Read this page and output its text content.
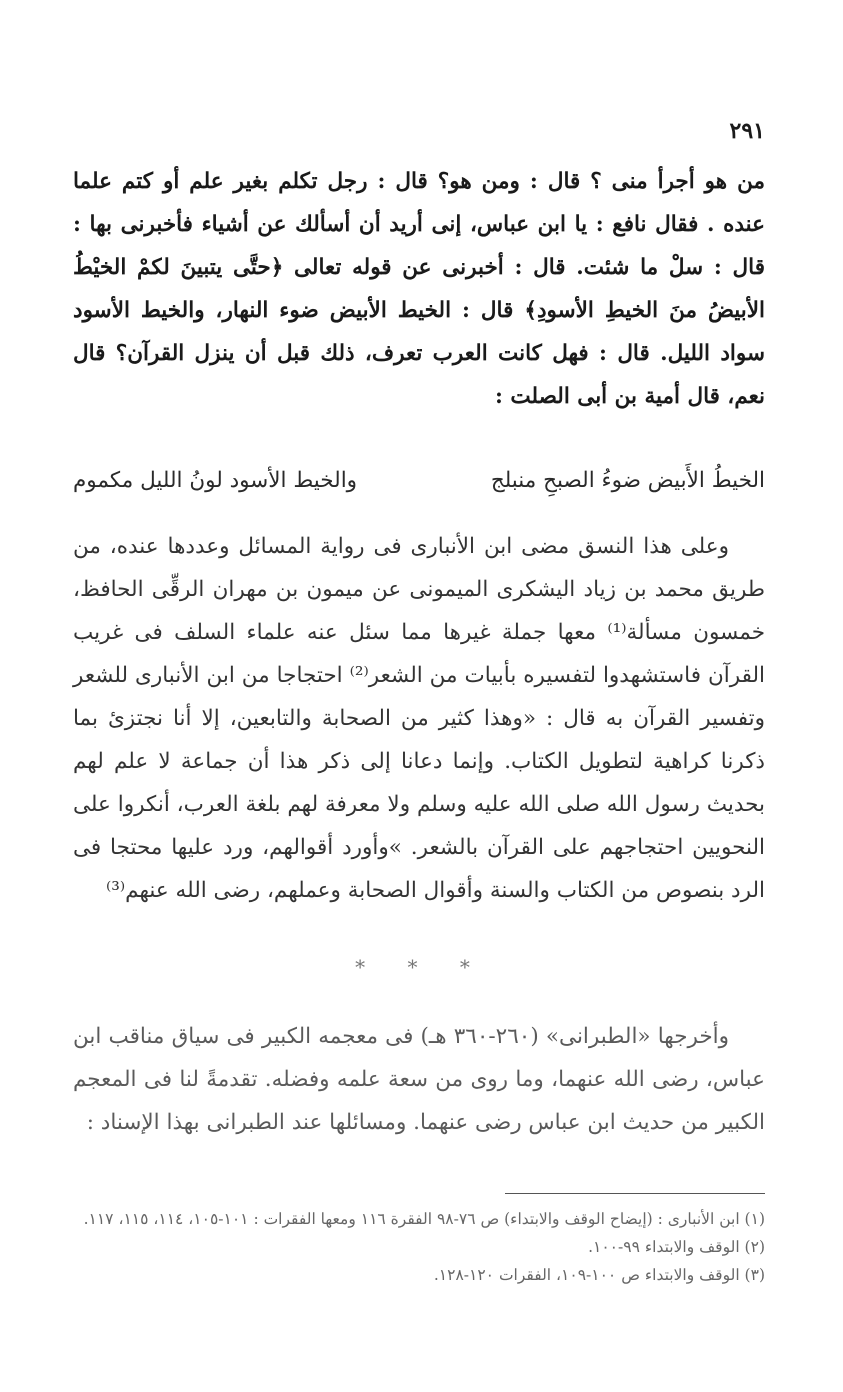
٢٩١

من هو أجرأ منى ؟ قال : ومن هو؟ قال : رجل تكلم بغير علم أو كتم علما عنده . فقال نافع : يا ابن عباس، إنى أريد أن أسألك عن أشياء فأخبرنى بها : قال : سلْ ما شئت. قال : أخبرنى عن قوله تعالى ﴿حتَّى يتبينَ لكمْ الخيْطُ الأبيضُ منَ الخيطِ الأسودِ﴾ قال : الخيط الأبيض ضوء النهار، والخيط الأسود سواد الليل. قال : فهل كانت العرب تعرف، ذلك قبل أن ينزل القرآن؟ قال نعم، قال أمية بن أبى الصلت :

الخيطُ الأَبيض ضوءُ الصبحِ منبلج
والخيط الأسود لونُ الليل مكموم

وعلى هذا النسق مضى ابن الأنبارى فى رواية المسائل وعددها عنده، من طريق محمد بن زياد اليشكرى الميمونى عن ميمون بن مهران الرقِّى الحافظ، خمسون مسألة⁽¹⁾ معها جملة غيرها مما سئل عنه علماء السلف فى غريب القرآن فاستشهدوا لتفسيره بأبيات من الشعر⁽²⁾ احتجاجا من ابن الأنبارى للشعر وتفسير القرآن به قال : «وهذا كثير من الصحابة والتابعين، إلا أنا نجتزئ بما ذكرنا كراهية لتطويل الكتاب. وإنما دعانا إلى ذكر هذا أن جماعة لا علم لهم بحديث رسول الله صلى الله عليه وسلم ولا معرفة لهم بلغة العرب، أنكروا على النحويين احتجاجهم على القرآن بالشعر. »وأورد أقوالهم، ورد عليها محتجا فى الرد بنصوص من الكتاب والسنة وأقوال الصحابة وعملهم، رضى الله عنهم⁽³⁾

* * *

وأخرجها «الطبرانى» (٢٦٠-٣٦٠ هـ) فى معجمه الكبير فى سياق مناقب ابن عباس، رضى الله عنهما، وما روى من سعة علمه وفضله. تقدمةً لنا فى المعجم الكبير من حديث ابن عباس رضى عنهما. ومسائلها عند الطبرانى بهذا الإسناد :

(١) ابن الأنبارى : (إيضاح الوقف والابتداء) ص ٧٦-٩٨ الفقرة ١١٦ ومعها الفقرات : ١٠١-١٠٥، ١١٤، ١١٥، ١١٧.

(٢) الوقف والابتداء ٩٩-١٠٠.

(٣) الوقف والابتداء ص ١٠٠-١٠٩، الفقرات ١٢٠-١٢٨.
